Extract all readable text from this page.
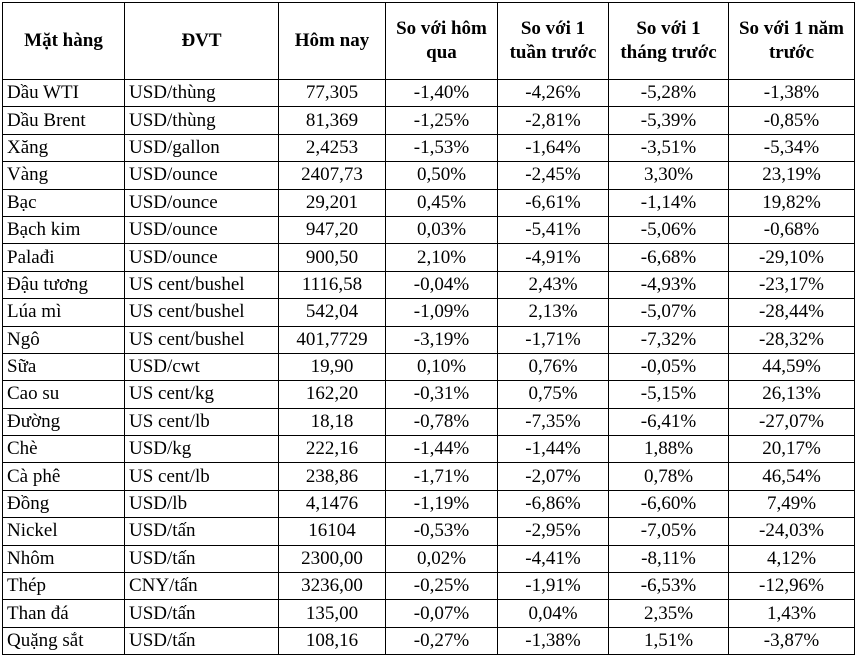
Mặt hàng	ĐVT	Hôm nay	So với hôm qua	So với 1 tuần trước	So với 1 tháng trước	So với 1 năm trước
Dầu WTI	USD/thùng	77,305	-1,40%	-4,26%	-5,28%	-1,38%
Dầu Brent	USD/thùng	81,369	-1,25%	-2,81%	-5,39%	-0,85%
Xăng	USD/gallon	2,4253	-1,53%	-1,64%	-3,51%	-5,34%
Vàng	USD/ounce	2407,73	0,50%	-2,45%	3,30%	23,19%
Bạc	USD/ounce	29,201	0,45%	-6,61%	-1,14%	19,82%
Bạch kim	USD/ounce	947,20	0,03%	-5,41%	-5,06%	-0,68%
Palađi	USD/ounce	900,50	2,10%	-4,91%	-6,68%	-29,10%
Đậu tương	US cent/bushel	1116,58	-0,04%	2,43%	-4,93%	-23,17%
Lúa mì	US cent/bushel	542,04	-1,09%	2,13%	-5,07%	-28,44%
Ngô	US cent/bushel	401,7729	-3,19%	-1,71%	-7,32%	-28,32%
Sữa	USD/cwt	19,90	0,10%	0,76%	-0,05%	44,59%
Cao su	US cent/kg	162,20	-0,31%	0,75%	-5,15%	26,13%
Đường	US cent/lb	18,18	-0,78%	-7,35%	-6,41%	-27,07%
Chè	USD/kg	222,16	-1,44%	-1,44%	1,88%	20,17%
Cà phê	US cent/lb	238,86	-1,71%	-2,07%	0,78%	46,54%
Đồng	USD/lb	4,1476	-1,19%	-6,86%	-6,60%	7,49%
Nickel	USD/tấn	16104	-0,53%	-2,95%	-7,05%	-24,03%
Nhôm	USD/tấn	2300,00	0,02%	-4,41%	-8,11%	4,12%
Thép	CNY/tấn	3236,00	-0,25%	-1,91%	-6,53%	-12,96%
Than đá	USD/tấn	135,00	-0,07%	0,04%	2,35%	1,43%
Quặng sắt	USD/tấn	108,16	-0,27%	-1,38%	1,51%	-3,87%
